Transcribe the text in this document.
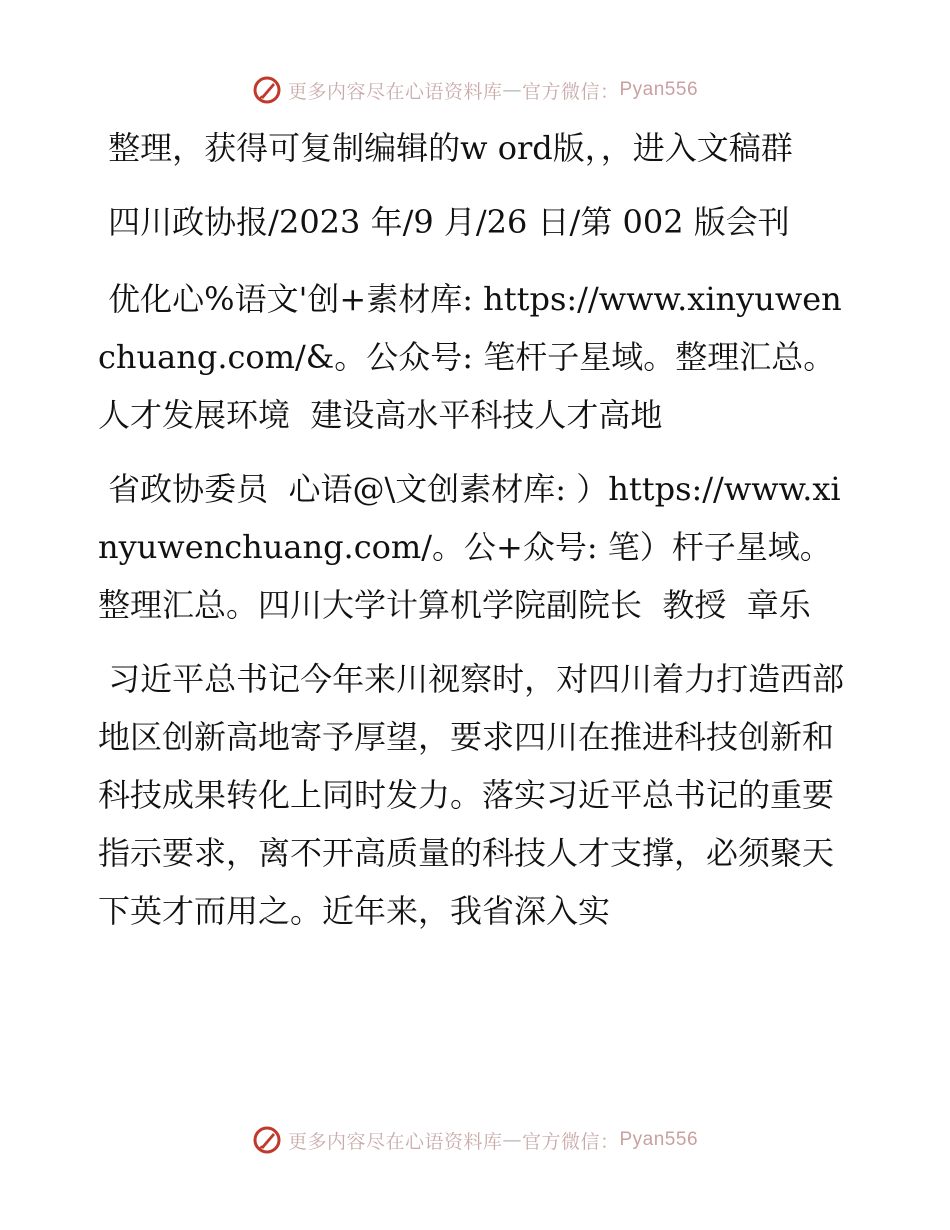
更多内容尽在心语资料库 — 官方微信： Pyan556

整理，获得可复制编辑的w ord版，，进入文稿群

四川政协报/2023 年/9 月/26 日/第 002 版会刊

优化心%语文'创+素材库: https://www.xinyuwenchuang.com/&。公众号: 笔杆子星域。整理汇总。人才发展环境  建设高水平科技人才高地

省政协委员  心语@\文创素材库: ）https://www.xinyuwenchuang.com/。公+众号: 笔）杆子星域。整理汇总。四川大学计算机学院副院长  教授  章乐

习近平总书记今年来川视察时，对四川着力打造西部地区创新高地寄予厚望，要求四川在推进科技创新和科技成果转化上同时发力。落实习近平总书记的重要指示要求，离不开高质量的科技人才支撑，必须聚天下英才而用之。近年来，我省深入实

更多内容尽在心语资料库 — 官方微信： Pyan556
